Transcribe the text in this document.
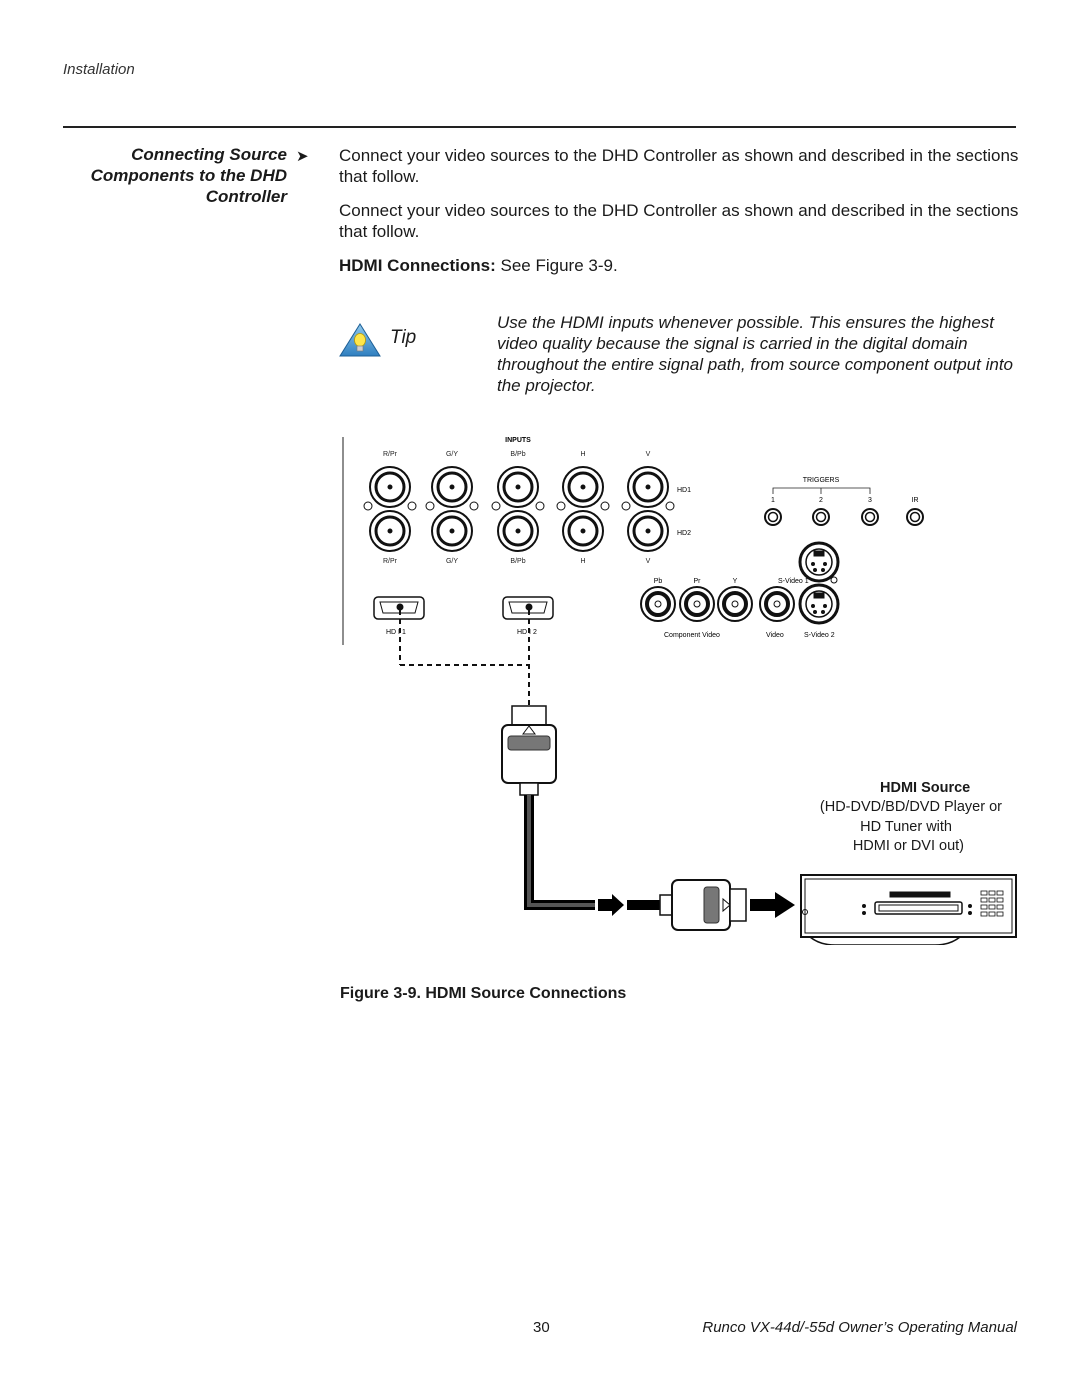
Installation
Connecting Source
Components to the DHD
Controller
➤ Connect your video sources to the DHD Controller as shown and described in the sections that follow.
Connect your video sources to the DHD Controller as shown and described in the sections that follow.
HDMI Connections: See Figure 3-9.
Tip
Use the HDMI inputs whenever possible. This ensures the highest video quality because the signal is carried in the digital domain throughout the entire signal path, from source component output into the projector.
INPUTS
R/Pr	G/Y	B/Pb	H	V
R/Pr	G/Y	B/Pb	H	V
HD1
HD2
TRIGGERS
1	2	3	IR
S-Video 1
Pb	Pr	Y
Component Video	Video	S-Video 2
HD I 1	HD I 2
HDMI Source
(HD-DVD/BD/DVD Player or
HD Tuner with
HDMI or DVI out)
Figure 3-9. HDMI Source Connections
30	Runco VX-44d/-55d Owner’s Operating Manual
